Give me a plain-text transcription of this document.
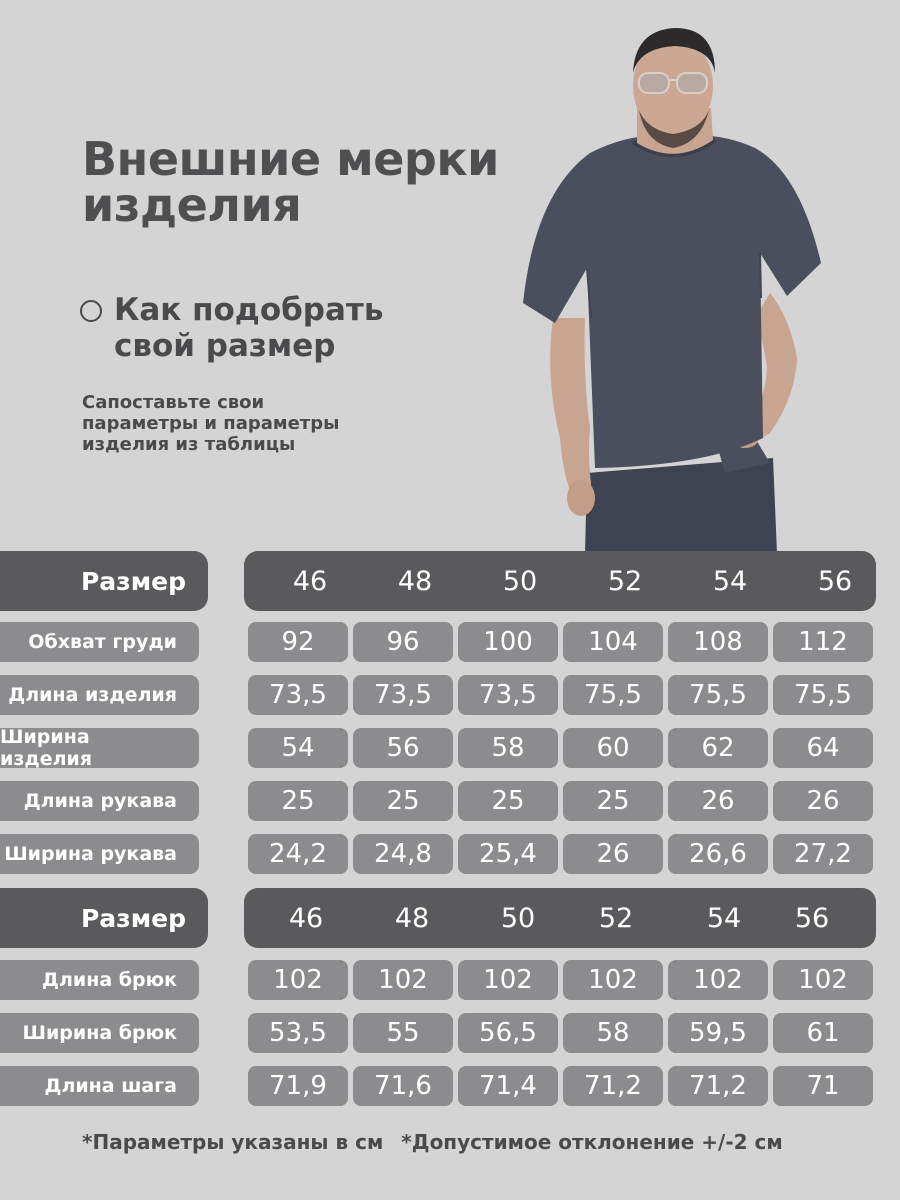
Внешние мерки
изделия
Как подобрать
свой размер
Сапоставьте свои
параметры и параметры
изделия из таблицы
Размер	46	48	50	52	54	56
Обхват груди	92	96	100	104	108	112
Длина изделия	73,5	73,5	73,5	75,5	75,5	75,5
Ширина изделия	54	56	58	60	62	64
Длина рукава	25	25	25	25	26	26
Ширина рукава	24,2	24,8	25,4	26	26,6	27,2
Размер	46	48	50	52	54	56
Длина брюк	102	102	102	102	102	102
Ширина брюк	53,5	55	56,5	58	59,5	61
Длина шага	71,9	71,6	71,4	71,2	71,2	71
*Параметры указаны в см *Допустимое отклонение +/-2 см
